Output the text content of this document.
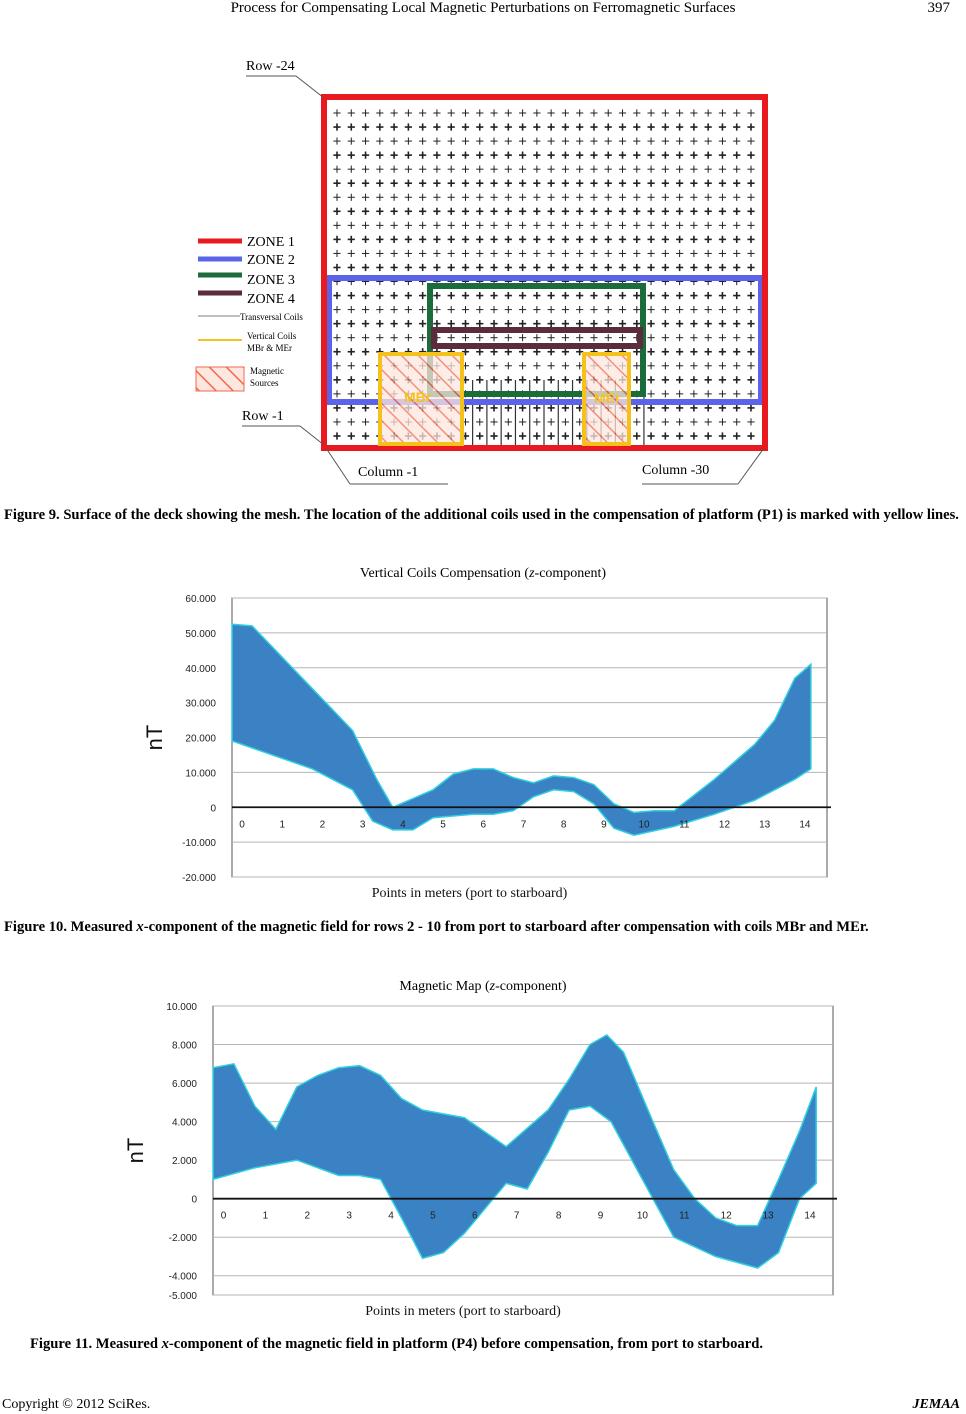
Process for Compensating Local Magnetic Perturbations on Ferromagnetic Surfaces	397
MBr	MEr
Row -24
Row -1
Column -1	Column -30
ZONE 1
ZONE 2
ZONE 3
ZONE 4
Transversal Coils
Vertical Coils
MBr & MEr
Magnetic
Sources
Figure 9. Surface of the deck showing the mesh. The location of the additional coils used in the compensation of platform (P1) is marked with yellow lines.
Vertical Coils Compensation (z-component)
60.000
50.000
40.000
30.000
20.000
10.000
0
-10.000
-20.000
0	1	2	3	4	5	6	7	8	9	10	11	12	13	14
nT
Points in meters (port to starboard)
Figure 10. Measured x-component of the magnetic field for rows 2 - 10 from port to starboard after compensation with coils MBr and MEr.
Magnetic Map (z-component)
10.000
8.000
6.000
4.000
2.000
0
-2.000
-4.000
-5.000
0	1	2	3	4	5	6	7	8	9	10	11	12	13	14
nT
Points in meters (port to starboard)
Figure 11. Measured x-component of the magnetic field in platform (P4) before compensation, from port to starboard.
Copyright © 2012 SciRes.	JEMAA
